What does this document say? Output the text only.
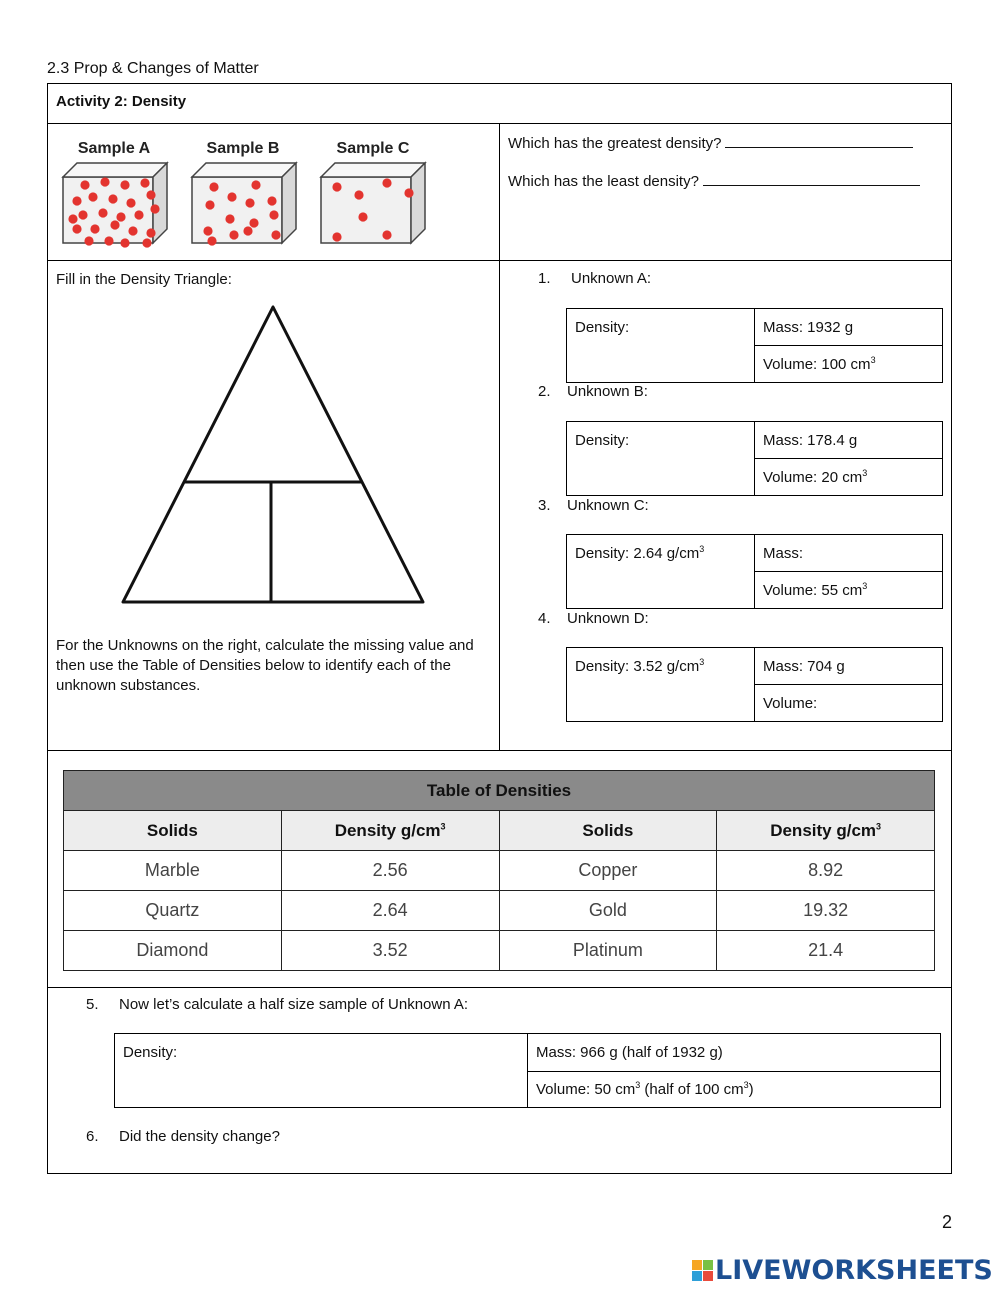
2.3 Prop & Changes of Matter
Activity 2: Density
Sample A	Sample B	Sample C	Which has the greatest density?
Which has the least density?
Fill in the Density Triangle:
For the Unknowns on the right, calculate the missing value and then use the Table of Densities below to identify each of the unknown substances.
1. Unknown A:
Density:	Mass: 1932 g
Volume: 100 $cm^3$
2. Unknown B:
Density:	Mass: 178.4 g
Volume: 20 $cm^3$
3. Unknown C:
Density: 2.64 $g/cm^3$	Mass:
Volume: 55 $cm^3$
4. Unknown D:
Density: 3.52 $g/cm^3$	Mass: 704 g
Volume:
Table of Densities			
Solids	Density $g/cm^3$	Solids	Density $g/cm^3$
Marble	2.56	Copper	8.92
Quartz	2.64	Gold	19.32
Diamond	3.52	Platinum	21.4
5. Now let’s calculate a half size sample of Unknown A:
Density:	Mass: 966 g (half of 1932 g)
Volume: 50 $cm^3$ (half of 100 $cm^3$)
6. Did the density change?
2
LIVEWORKSHEETS
